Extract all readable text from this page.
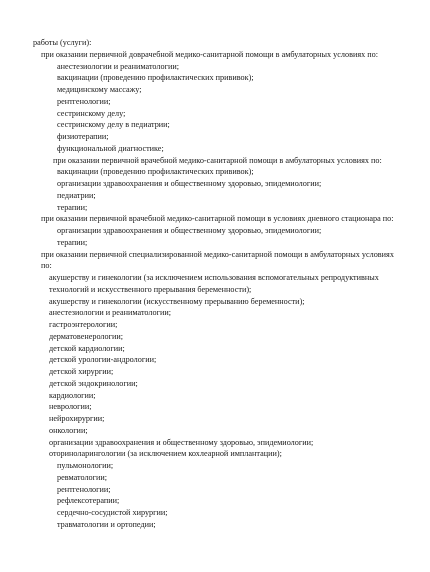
работы (услуги):
при оказании первичной доврачебной медико-санитарной помощи в амбулаторных условиях по:
анестезиологии и реаниматологии;
вакцинации (проведению профилактических прививок);
медицинскому массажу;
рентгенологии;
сестринскому делу;
сестринскому делу в педиатрии;
физиотерапии;
функциональной диагностике;
при оказании первичной врачебной медико-санитарной помощи в амбулаторных условиях по:
вакцинации (проведению профилактических прививок);
организации здравоохранения и общественному здоровью, эпидемиологии;
педиатрии;
терапии;
при оказании первичной врачебной медико-санитарной помощи в условиях дневного стационара по:
организации здравоохранения и общественному здоровью, эпидемиологии;
терапии;
при оказании первичной специализированной медико-санитарной помощи в амбулаторных условиях по:
акушерству и гинекологии (за исключением использования вспомогательных репродуктивных технологий и искусственного прерывания беременности);
акушерству и гинекологии (искусственному прерыванию беременности);
анестезиологии и реаниматологии;
гастроэнтерологии;
дерматовенерологии;
детской кардиологии;
детской урологии-андрологии;
детской хирургии;
детской эндокринологии;
кардиологии;
неврологии;
нейрохирургии;
онкологии;
организации здравоохранения и общественному здоровью, эпидемиологии;
оториноларингологии (за исключением кохлеарной имплантации);
пульмонологии;
ревматологии;
рентгенологии;
рефлексотерапии;
сердечно-сосудистой хирургии;
травматологии и ортопедии;
